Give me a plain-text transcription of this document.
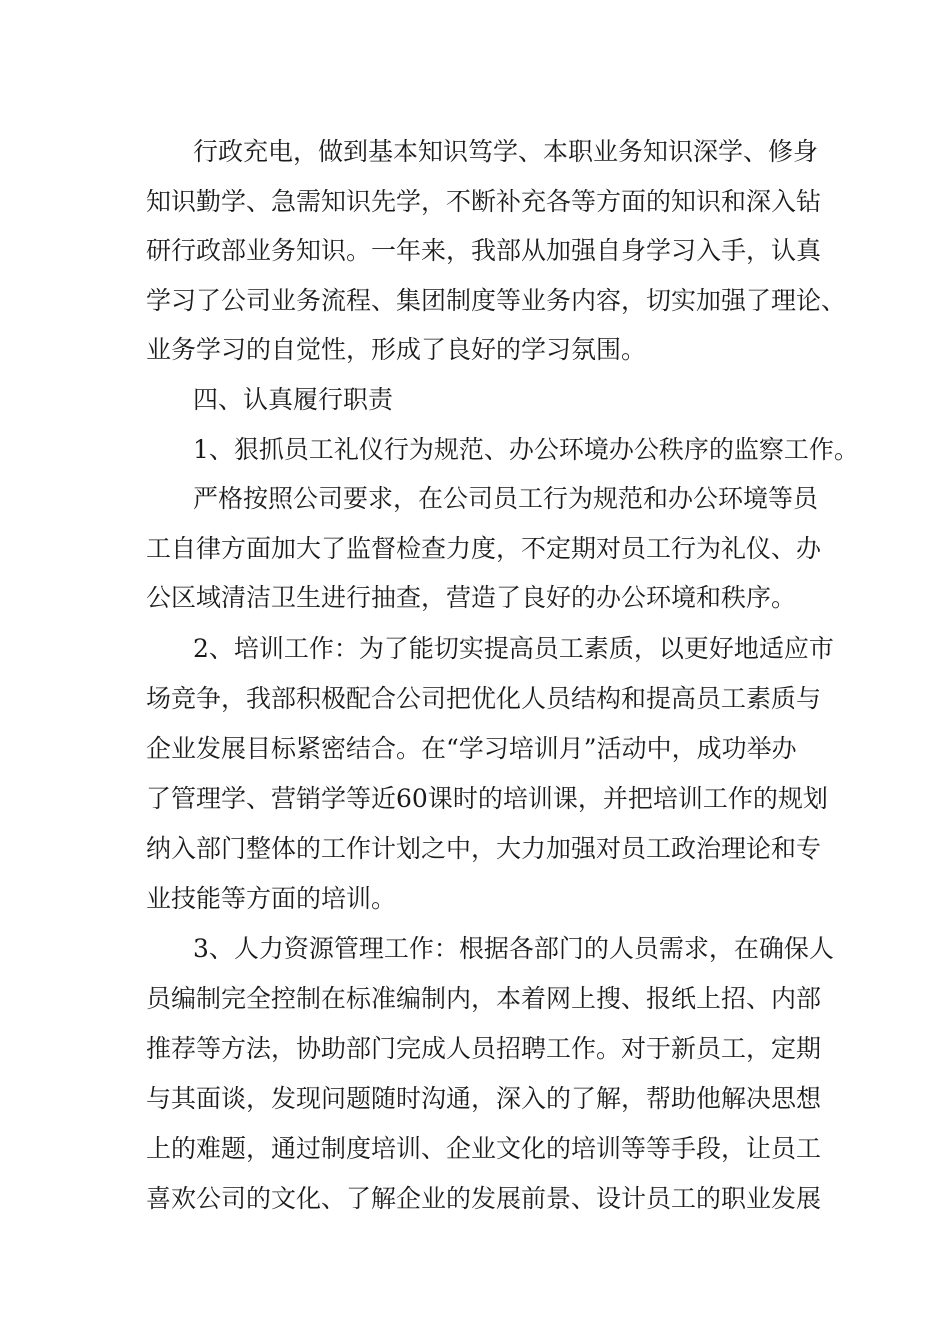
行政充电，做到基本知识笃学、本职业务知识深学、修身

知识勤学、急需知识先学，不断补充各等方面的知识和深入钻

研行政部业务知识。一年来，我部从加强自身学习入手，认真

学习了公司业务流程、集团制度等业务内容，切实加强了理论、

业务学习的自觉性，形成了良好的学习氛围。

四、认真履行职责

1、狠抓员工礼仪行为规范、办公环境办公秩序的监察工作。

严格按照公司要求，在公司员工行为规范和办公环境等员

工自律方面加大了监督检查力度，不定期对员工行为礼仪、办

公区域清洁卫生进行抽查，营造了良好的办公环境和秩序。

2、培训工作：为了能切实提高员工素质，以更好地适应市

场竞争，我部积极配合公司把优化人员结构和提高员工素质与

企业发展目标紧密结合。在“学习培训月”活动中，成功举办

了管理学、营销学等近60课时的培训课，并把培训工作的规划

纳入部门整体的工作计划之中，大力加强对员工政治理论和专

业技能等方面的培训。

3、人力资源管理工作：根据各部门的人员需求，在确保人

员编制完全控制在标准编制内，本着网上搜、报纸上招、内部

推荐等方法，协助部门完成人员招聘工作。对于新员工，定期

与其面谈，发现问题随时沟通，深入的了解，帮助他解决思想

上的难题，通过制度培训、企业文化的培训等等手段，让员工

喜欢公司的文化、了解企业的发展前景、设计员工的职业发展
